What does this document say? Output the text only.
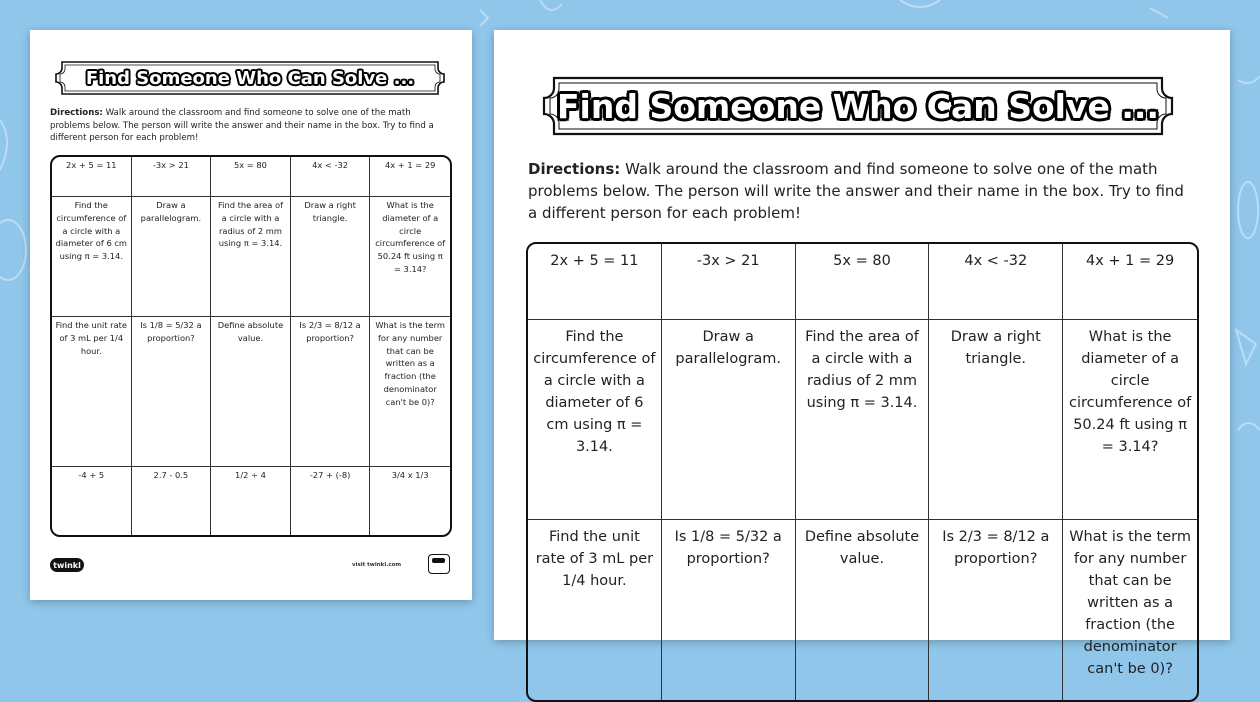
Find Someone Who Can Solve ...
Directions: Walk around the classroom and find someone to solve one of the math problems below. The person will write the answer and their name in the box. Try to find a different person for each problem!
2x + 5 = 11	-3x > 21	5x = 80	4x < -32	4x + 1 = 29
Find the circumference of a circle with a diameter of 6 cm using π = 3.14.	Draw a parallelogram.	Find the area of a circle with a radius of 2 mm using π = 3.14.	Draw a right triangle.	What is the diameter of a circle circumference of 50.24 ft using π = 3.14?
Find the unit rate of 3 mL per 1/4 hour.	Is 1/8 = 5/32 a proportion?	Define absolute value.	Is 2/3 = 8/12 a proportion?	What is the term for any number that can be written as a fraction (the denominator can't be 0)?
-4 + 5	2.7 - 0.5	1/2 ÷ 4	-27 + (-8)	3/4 x 1/3
twinkl	visit twinkl.com
Find Someone Who Can Solve ...
Directions: Walk around the classroom and find someone to solve one of the math problems below. The person will write the answer and their name in the box. Try to find a different person for each problem!
2x + 5 = 11	-3x > 21	5x = 80	4x < -32	4x + 1 = 29
Find the circumference of a circle with a diameter of 6 cm using π = 3.14.	Draw a parallelogram.	Find the area of a circle with a radius of 2 mm using π = 3.14.	Draw a right triangle.	What is the diameter of a circle circumference of 50.24 ft using π = 3.14?
Find the unit rate of 3 mL per 1/4 hour.	Is 1/8 = 5/32 a proportion?	Define absolute value.	Is 2/3 = 8/12 a proportion?	What is the term for any number that can be written as a fraction (the denominator can't be 0)?
